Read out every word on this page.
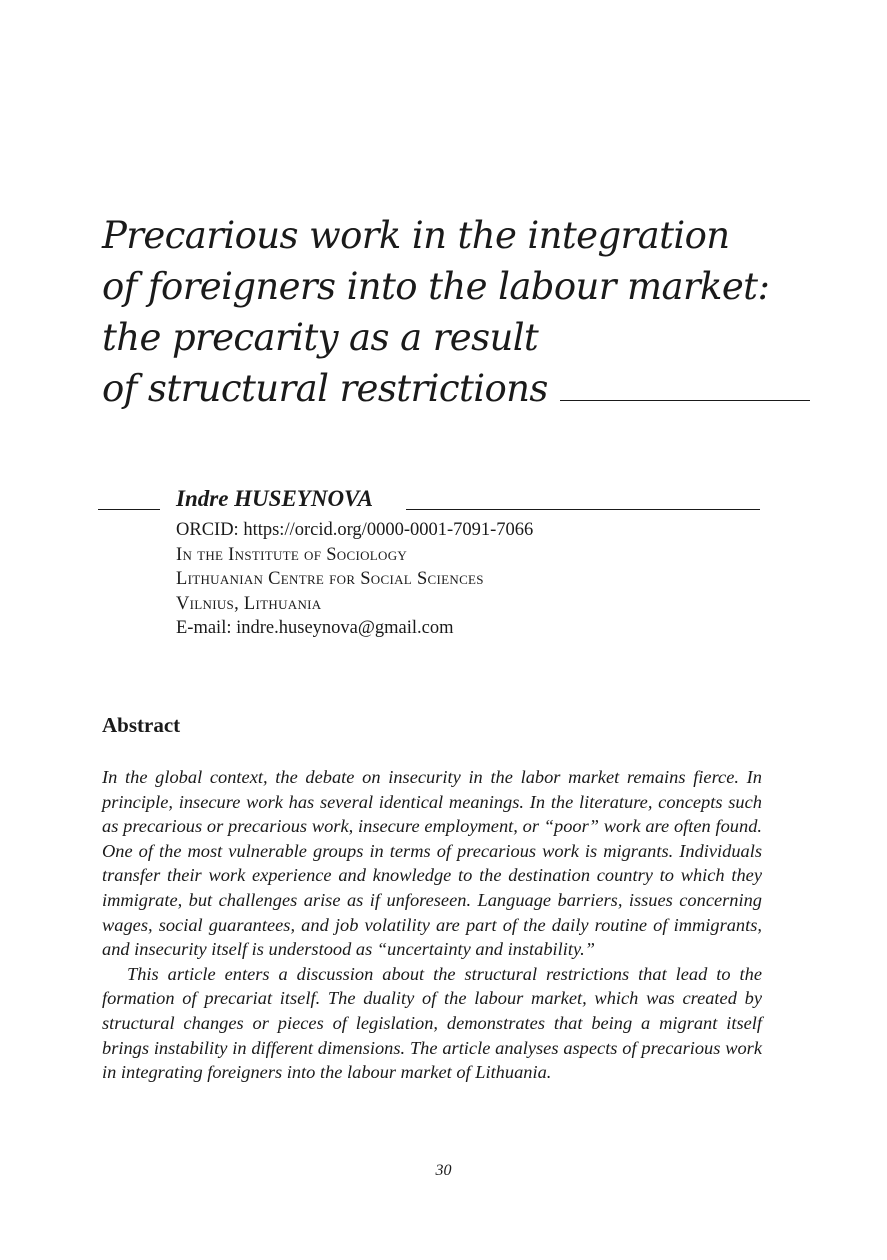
Precarious work in the integration
of foreigners into the labour market:
the precarity as a result
of structural restrictions
Indre HUSEYNOVA
ORCID: https://orcid.org/0000-0001-7091-7066
In the Institute of Sociology
Lithuanian Centre for Social Sciences
Vilnius, Lithuania
E-mail: indre.huseynova@gmail.com
Abstract

In the global context, the debate on insecurity in the labor market remains fierce. In principle, insecure work has several identical meanings. In the literature, concepts such as precarious or precarious work, insecure employment, or “poor” work are often found. One of the most vulnerable groups in terms of precarious work is migrants. Individuals transfer their work experience and knowledge to the destination country to which they immigrate, but challenges arise as if unforeseen. Language barriers, issues concerning wages, social guarantees, and job volatility are part of the daily routine of immigrants, and insecurity itself is understood as “uncertainty and instability.”

This article enters a discussion about the structural restrictions that lead to the formation of precariat itself. The duality of the labour market, which was created by structural changes or pieces of legislation, demonstrates that being a migrant itself brings instability in different dimensions. The article analyses aspects of precarious work in integrating foreigners into the labour market of Lithuania.

30
